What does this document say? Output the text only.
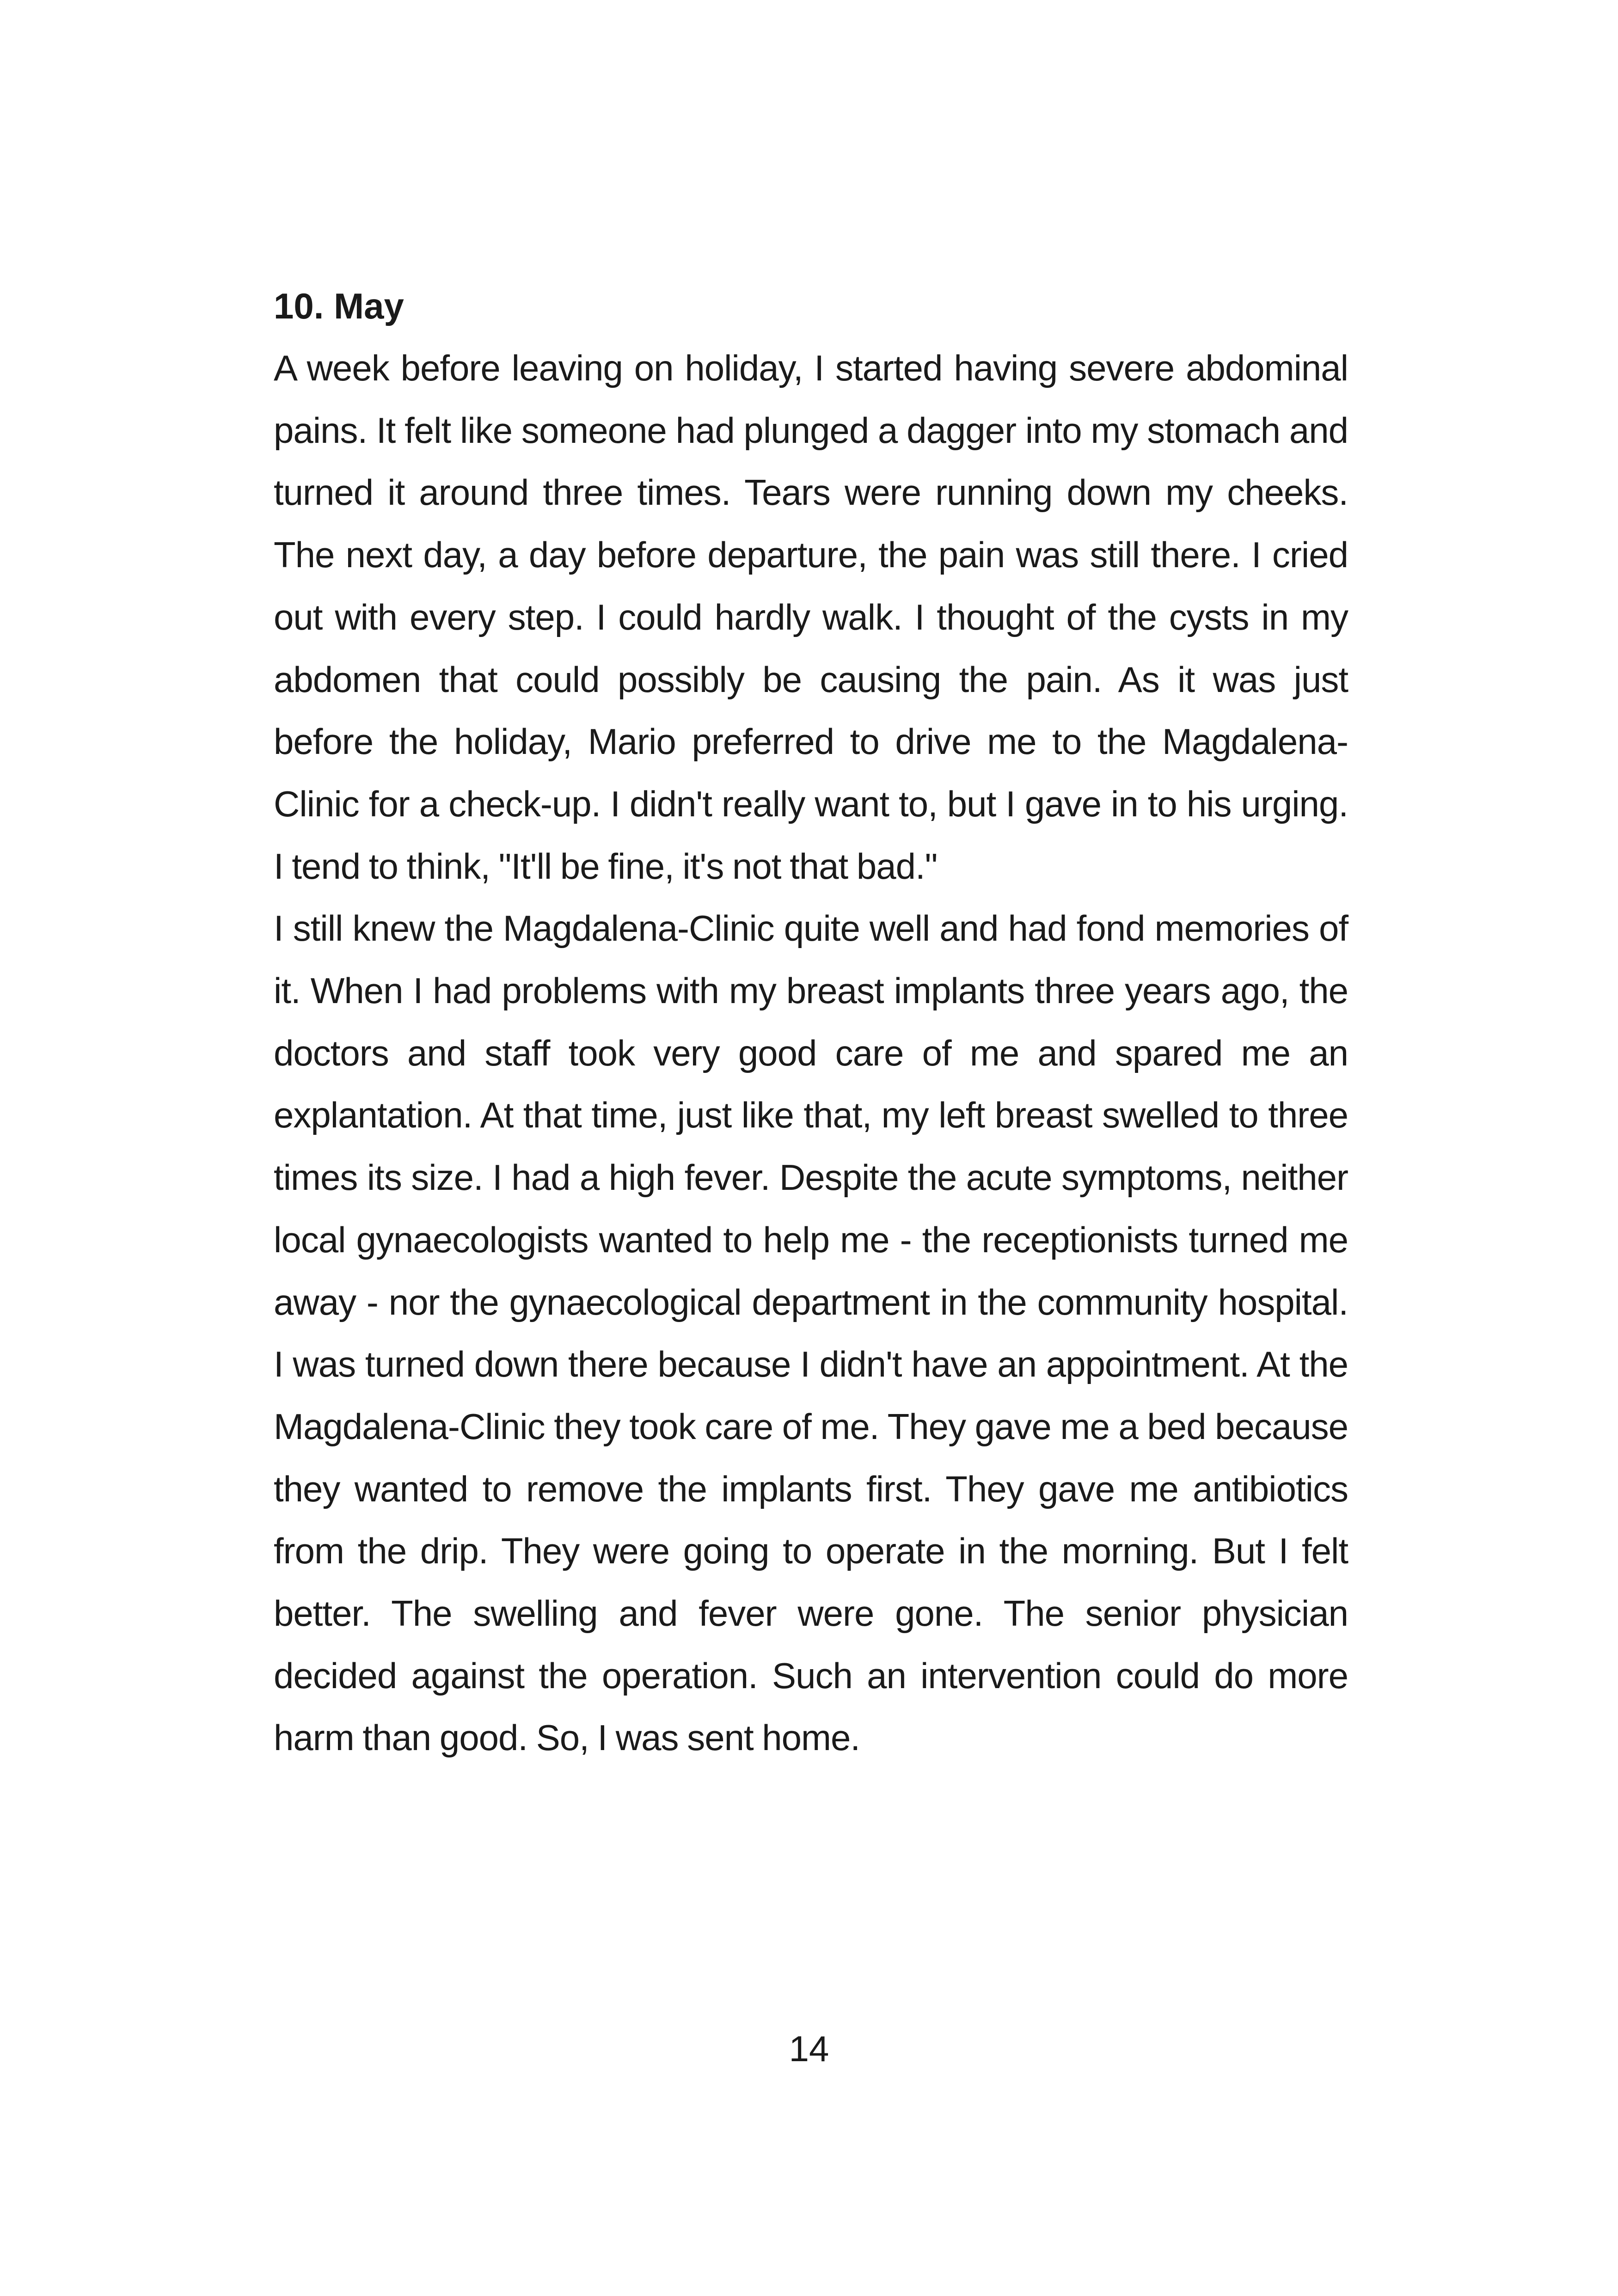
10. May

A week before leaving on holiday, I started having severe abdominal pains. It felt like someone had plunged a dagger into my stomach and turned it around three times. Tears were running down my cheeks. The next day, a day before departure, the pain was still there. I cried out with every step. I could hardly walk. I thought of the cysts in my abdomen that could possibly be causing the pain. As it was just before the holiday, Mario preferred to drive me to the Magdalena-Clinic for a check-up. I didn't really want to, but I gave in to his urging. I tend to think, "It'll be fine, it's not that bad."

I still knew the Magdalena-Clinic quite well and had fond memories of it. When I had problems with my breast implants three years ago, the doctors and staff took very good care of me and spared me an explantation. At that time, just like that, my left breast swelled to three times its size. I had a high fever. Despite the acute symptoms, neither local gynaecologists wanted to help me - the receptionists turned me away - nor the gynaecological department in the community hospital. I was turned down there because I didn't have an appointment. At the Magdalena-Clinic they took care of me. They gave me a bed because they wanted to remove the implants first. They gave me antibiotics from the drip. They were going to operate in the morning. But I felt better. The swelling and fever were gone. The senior physician decided against the operation. Such an intervention could do more harm than good. So, I was sent home.

14
